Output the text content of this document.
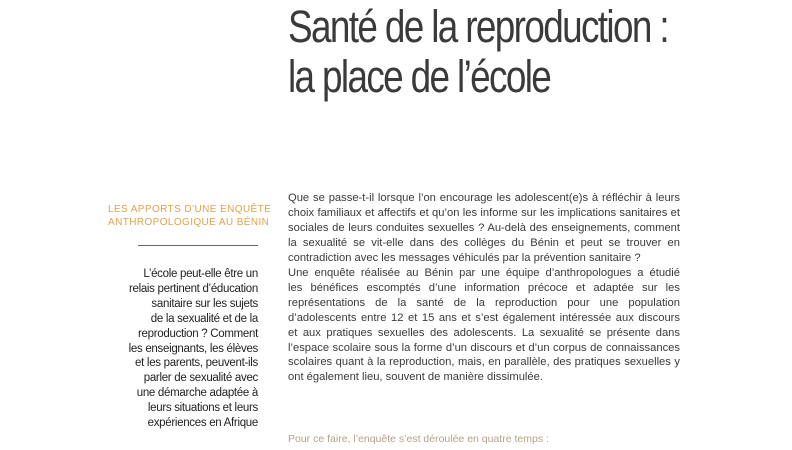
Santé de la reproduction :
la place de l’école
LES APPORTS D’UNE ENQUÊTE
ANTHROPOLOGIQUE AU BÉNIN
L’école peut-elle être un
relais pertinent d’éducation
sanitaire sur les sujets
de la sexualité et de la
reproduction ? Comment
les enseignants, les élèves
et les parents, peuvent-ils
parler de sexualité avec
une démarche adaptée à
leurs situations et leurs
expériences en Afrique
Que se passe-t-il lorsque l’on encourage les adolescent(e)s à réfléchir à leurs
choix familiaux et affectifs et qu’on les informe sur les implications sanitaires et
sociales de leurs conduites sexuelles ? Au-delà des enseignements, comment
la sexualité se vit-elle dans des collèges du Bénin et peut se trouver en
contradiction avec les messages véhiculés par la prévention sanitaire ?
Une enquête réalisée au Bénin par une équipe d’anthropologues a étudié
les bénéfices escomptés d’une information précoce et adaptée sur les
représentations de la santé de la reproduction pour une population
d’adolescents entre 12 et 15 ans et s’est également intéressée aux discours
et aux pratiques sexuelles des adolescents. La sexualité se présente dans
l’espace scolaire sous la forme d’un discours et d’un corpus de connaissances
scolaires quant à la reproduction, mais, en parallèle, des pratiques sexuelles y
ont également lieu, souvent de manière dissimulée.
Pour ce faire, l’enquête s’est déroulée en quatre temps :
